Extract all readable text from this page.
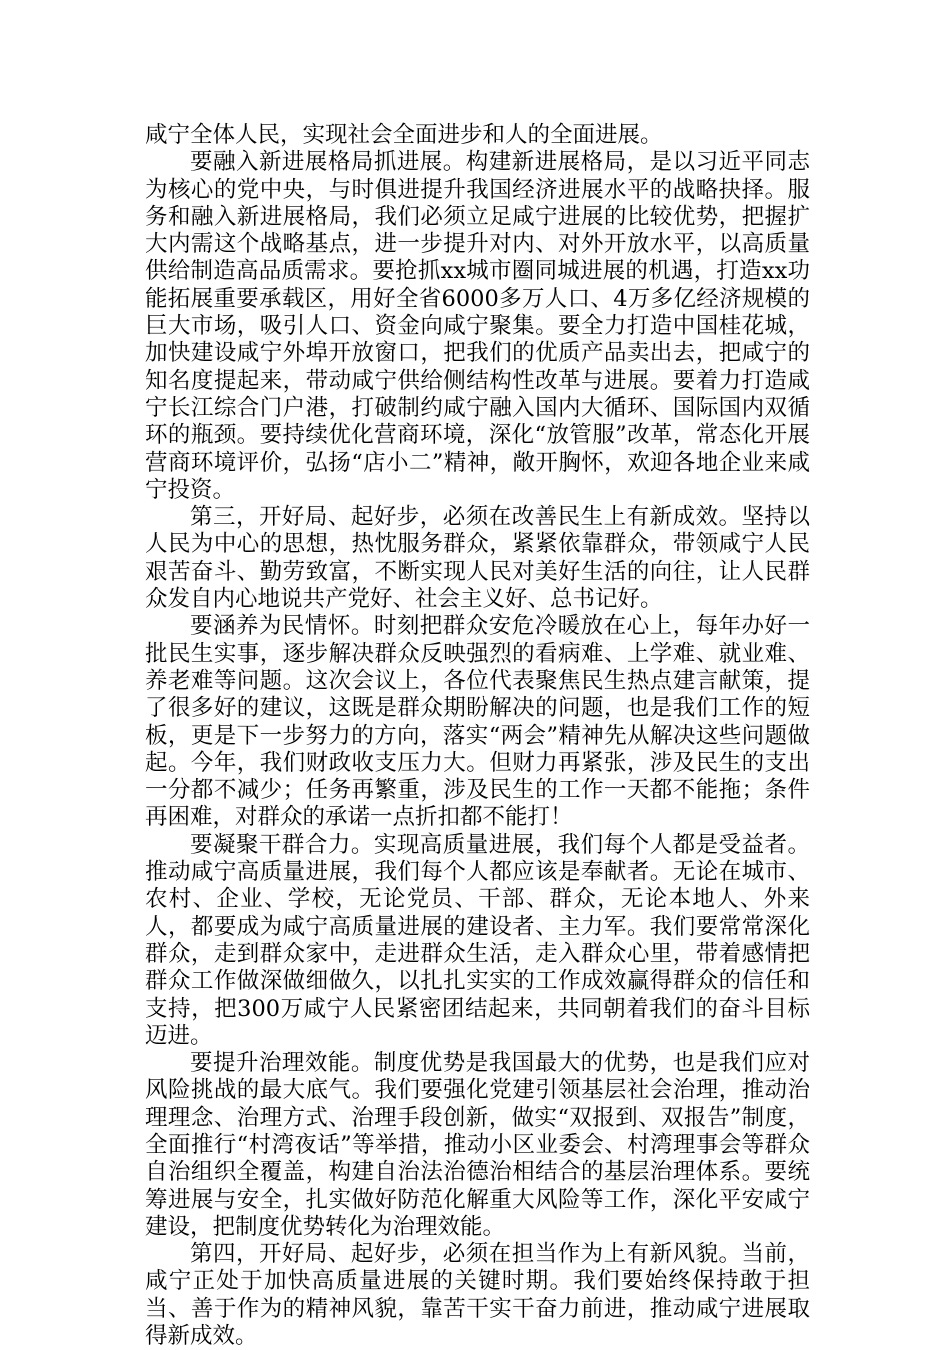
咸宁全体人民，实现社会全面进步和人的全面进展。

要融入新进展格局抓进展。构建新进展格局，是以习近平同志为核心的党中央，与时俱进提升我国经济进展水平的战略抉择。服务和融入新进展格局，我们必须立足咸宁进展的比较优势，把握扩大内需这个战略基点，进一步提升对内、对外开放水平，以高质量供给制造高品质需求。要抢抓xx城市圈同城进展的机遇，打造xx功能拓展重要承载区，用好全省6000多万人口、4万多亿经济规模的巨大市场，吸引人口、资金向咸宁聚集。要全力打造中国桂花城，加快建设咸宁外埠开放窗口，把我们的优质产品卖出去，把咸宁的知名度提起来，带动咸宁供给侧结构性改革与进展。要着力打造咸宁长江综合门户港，打破制约咸宁融入国内大循环、国际国内双循环的瓶颈。要持续优化营商环境，深化“放管服”改革，常态化开展营商环境评价，弘扬“店小二”精神，敞开胸怀，欢迎各地企业来咸宁投资。

第三，开好局、起好步，必须在改善民生上有新成效。坚持以人民为中心的思想，热忱服务群众，紧紧依靠群众，带领咸宁人民艰苦奋斗、勤劳致富，不断实现人民对美好生活的向往，让人民群众发自内心地说共产党好、社会主义好、总书记好。

要涵养为民情怀。时刻把群众安危冷暖放在心上，每年办好一批民生实事，逐步解决群众反映强烈的看病难、上学难、就业难、养老难等问题。这次会议上，各位代表聚焦民生热点建言献策，提了很多好的建议，这既是群众期盼解决的问题，也是我们工作的短板，更是下一步努力的方向，落实“两会”精神先从解决这些问题做起。今年，我们财政收支压力大。但财力再紧张，涉及民生的支出一分都不减少；任务再繁重，涉及民生的工作一天都不能拖；条件再困难，对群众的承诺一点折扣都不能打！

要凝聚干群合力。实现高质量进展，我们每个人都是受益者。推动咸宁高质量进展，我们每个人都应该是奉献者。无论在城市、农村、企业、学校，无论党员、干部、群众，无论本地人、外来人，都要成为咸宁高质量进展的建设者、主力军。我们要常常深化群众，走到群众家中，走进群众生活，走入群众心里，带着感情把群众工作做深做细做久，以扎扎实实的工作成效赢得群众的信任和支持，把300万咸宁人民紧密团结起来，共同朝着我们的奋斗目标迈进。

要提升治理效能。制度优势是我国最大的优势，也是我们应对风险挑战的最大底气。我们要强化党建引领基层社会治理，推动治理理念、治理方式、治理手段创新，做实“双报到、双报告”制度，全面推行“村湾夜话”等举措，推动小区业委会、村湾理事会等群众自治组织全覆盖，构建自治法治德治相结合的基层治理体系。要统筹进展与安全，扎实做好防范化解重大风险等工作，深化平安咸宁建设，把制度优势转化为治理效能。

第四，开好局、起好步，必须在担当作为上有新风貌。当前，咸宁正处于加快高质量进展的关键时期。我们要始终保持敢于担当、善于作为的精神风貌，靠苦干实干奋力前进，推动咸宁进展取得新成效。
